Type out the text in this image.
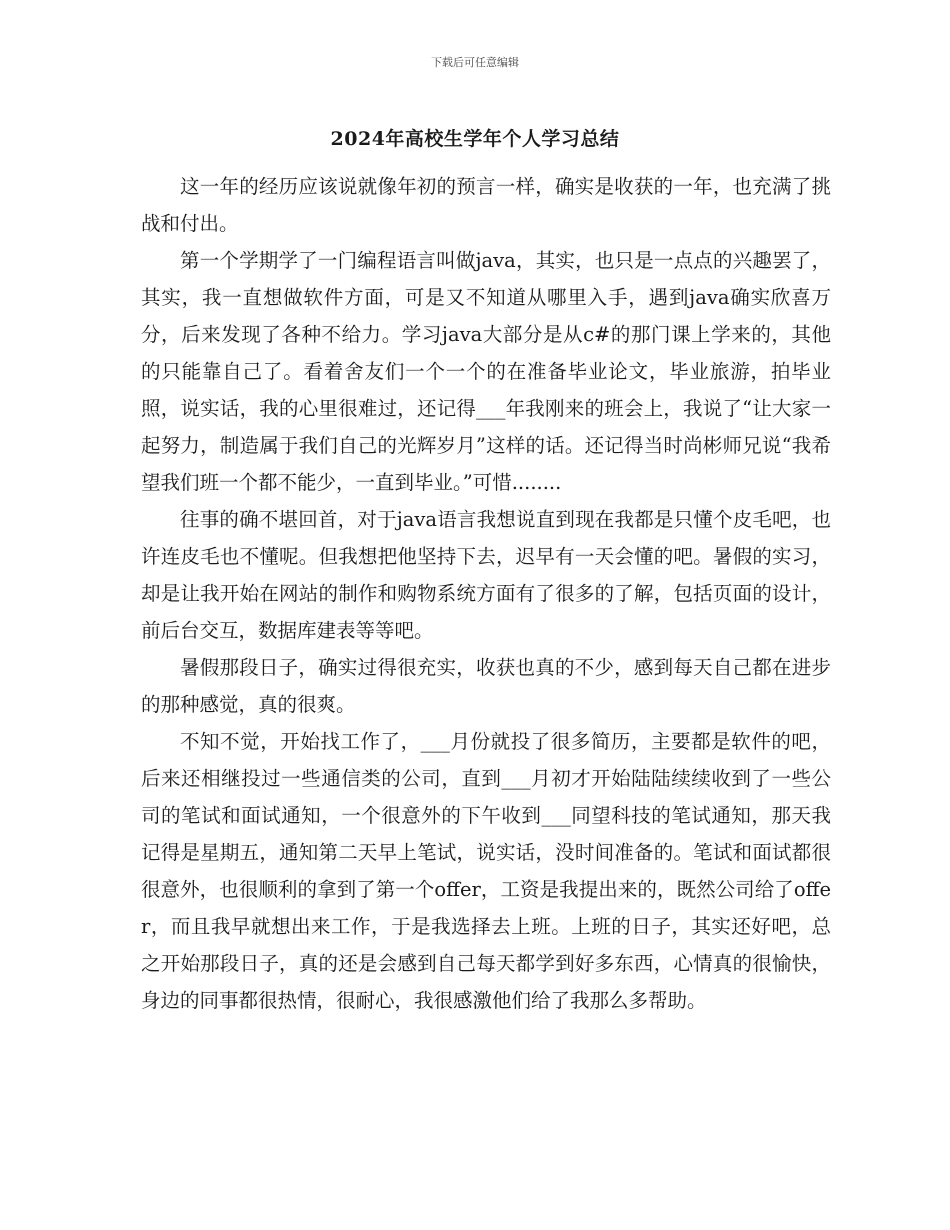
下载后可任意编辑
2024年高校生学年个人学习总结

这一年的经历应该说就像年初的预言一样，确实是收获的一年，也充满了挑战和付出。

第一个学期学了一门编程语言叫做java，其实，也只是一点点的兴趣罢了，其实，我一直想做软件方面，可是又不知道从哪里入手，遇到java确实欣喜万分，后来发现了各种不给力。学习java大部分是从c#的那门课上学来的，其他的只能靠自己了。看着舍友们一个一个的在准备毕业论文，毕业旅游，拍毕业照，说实话，我的心里很难过，还记得___年我刚来的班会上，我说了“让大家一起努力，制造属于我们自己的光辉岁月”这样的话。还记得当时尚彬师兄说“我希望我们班一个都不能少，一直到毕业。”可惜........

往事的确不堪回首，对于java语言我想说直到现在我都是只懂个皮毛吧，也许连皮毛也不懂呢。但我想把他坚持下去，迟早有一天会懂的吧。暑假的实习，却是让我开始在网站的制作和购物系统方面有了很多的了解，包括页面的设计，前后台交互，数据库建表等等吧。

暑假那段日子，确实过得很充实，收获也真的不少，感到每天自己都在进步的那种感觉，真的很爽。

不知不觉，开始找工作了，___月份就投了很多简历，主要都是软件的吧，后来还相继投过一些通信类的公司，直到___月初才开始陆陆续续收到了一些公司的笔试和面试通知，一个很意外的下午收到___同望科技的笔试通知，那天我记得是星期五，通知第二天早上笔试，说实话，没时间准备的。笔试和面试都很很意外，也很顺利的拿到了第一个offer，工资是我提出来的，既然公司给了offer，而且我早就想出来工作，于是我选择去上班。上班的日子，其实还好吧，总之开始那段日子，真的还是会感到自己每天都学到好多东西，心情真的很愉快，身边的同事都很热情，很耐心，我很感激他们给了我那么多帮助。
